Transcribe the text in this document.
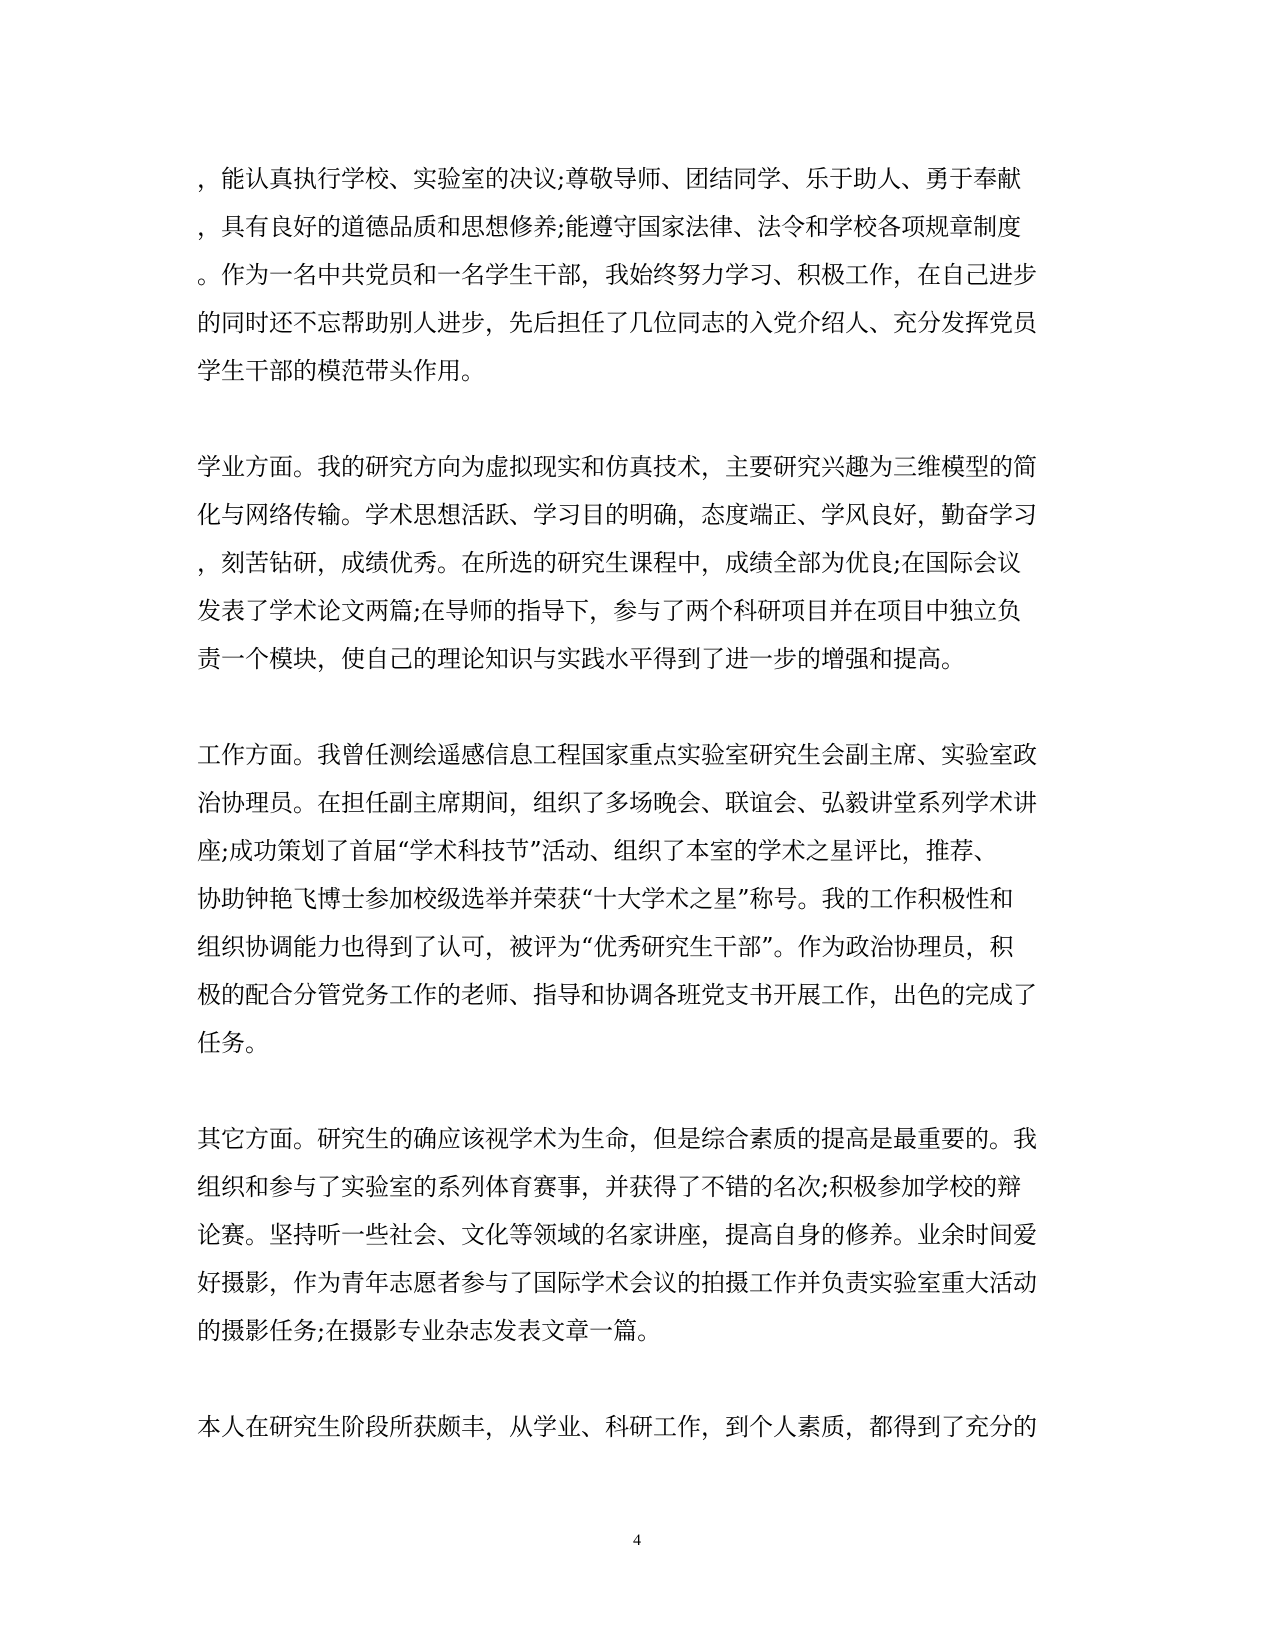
，能认真执行学校、实验室的决议;尊敬导师、团结同学、乐于助人、勇于奉献
，具有良好的道德品质和思想修养;能遵守国家法律、法令和学校各项规章制度
。作为一名中共党员和一名学生干部，我始终努力学习、积极工作，在自己进步
的同时还不忘帮助别人进步，先后担任了几位同志的入党介绍人、充分发挥党员
学生干部的模范带头作用。
学业方面。我的研究方向为虚拟现实和仿真技术，主要研究兴趣为三维模型的简
化与网络传输。学术思想活跃、学习目的明确，态度端正、学风良好，勤奋学习
，刻苦钻研，成绩优秀。在所选的研究生课程中，成绩全部为优良;在国际会议
发表了学术论文两篇;在导师的指导下，参与了两个科研项目并在项目中独立负
责一个模块，使自己的理论知识与实践水平得到了进一步的增强和提高。
工作方面。我曾任测绘遥感信息工程国家重点实验室研究生会副主席、实验室政
治协理员。在担任副主席期间，组织了多场晚会、联谊会、弘毅讲堂系列学术讲
座;成功策划了首届“学术科技节”活动、组织了本室的学术之星评比，推荐、
协助钟艳飞博士参加校级选举并荣获“十大学术之星”称号。我的工作积极性和
组织协调能力也得到了认可，被评为“优秀研究生干部”。作为政治协理员，积
极的配合分管党务工作的老师、指导和协调各班党支书开展工作，出色的完成了
任务。
其它方面。研究生的确应该视学术为生命，但是综合素质的提高是最重要的。我
组织和参与了实验室的系列体育赛事，并获得了不错的名次;积极参加学校的辩
论赛。坚持听一些社会、文化等领域的名家讲座，提高自身的修养。业余时间爱
好摄影，作为青年志愿者参与了国际学术会议的拍摄工作并负责实验室重大活动
的摄影任务;在摄影专业杂志发表文章一篇。
本人在研究生阶段所获颇丰，从学业、科研工作，到个人素质，都得到了充分的
4
